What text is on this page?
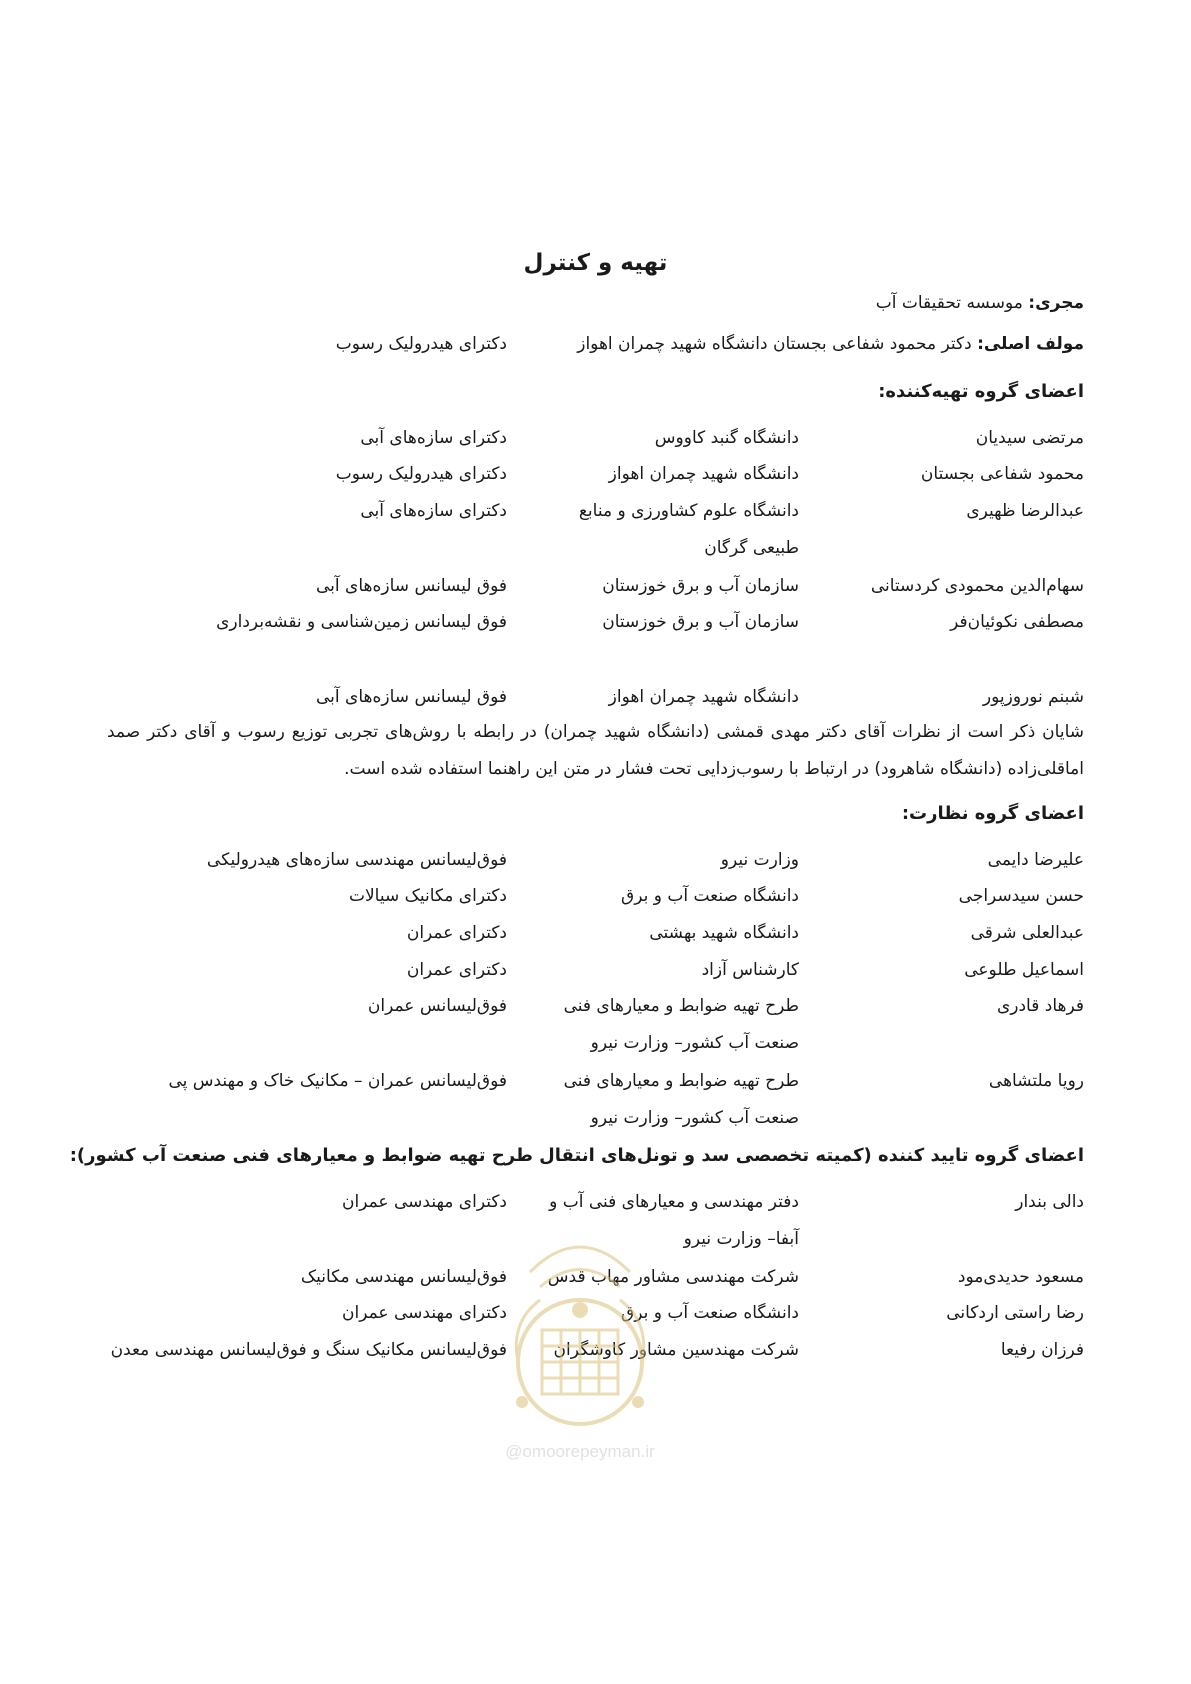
تهیه و کنترل
مجری: موسسه تحقیقات آب
مولف اصلی: دکتر محمود شفاعی بجستان دانشگاه شهید چمران اهواز
دکترای هیدرولیک رسوب
اعضای گروه تهیه‌کننده:
مرتضی سیدیان
دانشگاه گنبد کاووس
دکترای سازه‌های آبی
محمود شفاعی بجستان
دانشگاه شهید چمران اهواز
دکترای هیدرولیک رسوب
عبدالرضا ظهیری
دانشگاه علوم کشاورزی و منابع طبیعی گرگان
دکترای سازه‌های آبی
سهام‌الدین محمودی کردستانی
سازمان آب و برق خوزستان
فوق لیسانس سازه‌های آبی
مصطفی نکوئیان‌فر
سازمان آب و برق خوزستان
فوق لیسانس زمین‌شناسی و نقشه‌برداری
شبنم نوروزپور
دانشگاه شهید چمران اهواز
فوق لیسانس سازه‌های آبی
شایان ذکر است از نظرات آقای دکتر مهدی قمشی (دانشگاه شهید چمران) در رابطه با روش‌های تجربی توزیع رسوب و آقای دکتر صمد اماقلی‌زاده (دانشگاه شاهرود) در ارتباط با رسوب‌زدایی تحت فشار در متن این راهنما استفاده شده است.
اعضای گروه نظارت:
علیرضا دایمی
وزارت نیرو
فوق‌لیسانس مهندسی سازه‌های هیدرولیکی
حسن سیدسراجی
دانشگاه صنعت آب و برق
دکترای مکانیک سیالات
عبدالعلی شرقی
دانشگاه شهید بهشتی
دکترای عمران
اسماعیل طلوعی
کارشناس آزاد
دکترای عمران
فرهاد قادری
طرح تهیه ضوابط و معیارهای فنی صنعت آب کشور– وزارت نیرو
فوق‌لیسانس عمران
رویا ملتشاهی
طرح تهیه ضوابط و معیارهای فنی صنعت آب کشور– وزارت نیرو
فوق‌لیسانس عمران – مکانیک خاک و مهندس پی
اعضای گروه تایید کننده (کمیته تخصصی سد و تونل‌های انتقال طرح تهیه ضوابط و معیارهای فنی صنعت آب کشور):
دالی بندار
دفتر مهندسی و معیارهای فنی آب و آبفا– وزارت نیرو
دکترای مهندسی عمران
مسعود حدیدی‌مود
شرکت مهندسی مشاور مهاب قدس
فوق‌لیسانس مهندسی مکانیک
رضا راستی اردکانی
دانشگاه صنعت آب و برق
دکترای مهندسی عمران
فرزان رفیعا
شرکت مهندسین مشاور کاوشگران
فوق‌لیسانس مکانیک سنگ و فوق‌لیسانس مهندسی معدن
@omoorepeyman.ir
